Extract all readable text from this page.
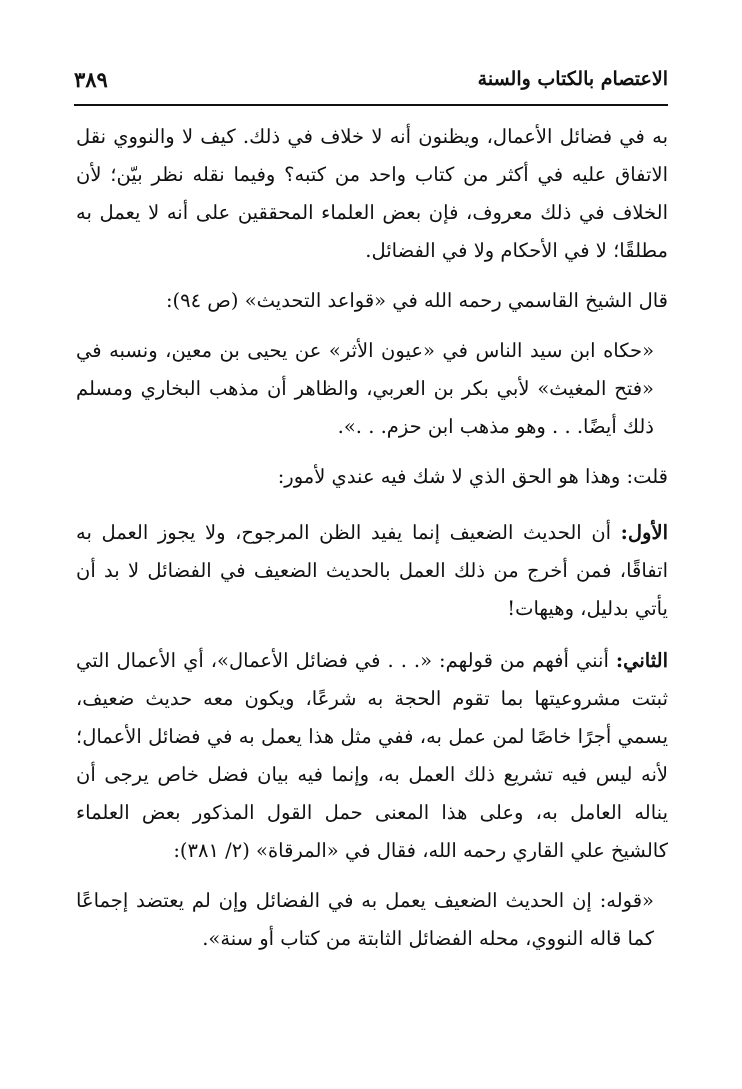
الاعتصام بالكتاب والسنة
٣٨٩

به في فضائل الأعمال، ويظنون أنه لا خلاف في ذلك. كيف لا والنووي نقل الاتفاق عليه في أكثر من كتاب واحد من كتبه؟ وفيما نقله نظر بيّن؛ لأن الخلاف في ذلك معروف، فإن بعض العلماء المحققين على أنه لا يعمل به مطلقًا؛ لا في الأحكام ولا في الفضائل.

قال الشيخ القاسمي رحمه الله في «قواعد التحديث» (ص ٩٤):

«حكاه ابن سيد الناس في «عيون الأثر» عن يحيى بن معين، ونسبه في «فتح المغيث» لأبي بكر بن العربي، والظاهر أن مذهب البخاري ومسلم ذلك أيضًا. . . وهو مذهب ابن حزم. . .».

قلت: وهذا هو الحق الذي لا شك فيه عندي لأمور:

الأول: أن الحديث الضعيف إنما يفيد الظن المرجوح، ولا يجوز العمل به اتفاقًا، فمن أخرج من ذلك العمل بالحديث الضعيف في الفضائل لا بد أن يأتي بدليل، وهيهات!

الثاني: أنني أفهم من قولهم: «. . . في فضائل الأعمال»، أي الأعمال التي ثبتت مشروعيتها بما تقوم الحجة به شرعًا، ويكون معه حديث ضعيف، يسمي أجرًا خاصًا لمن عمل به، ففي مثل هذا يعمل به في فضائل الأعمال؛ لأنه ليس فيه تشريع ذلك العمل به، وإنما فيه بيان فضل خاص يرجى أن يناله العامل به، وعلى هذا المعنى حمل القول المذكور بعض العلماء كالشيخ علي القاري رحمه الله، فقال في «المرقاة» (٢/ ٣٨١):

«قوله: إن الحديث الضعيف يعمل به في الفضائل وإن لم يعتضد إجماعًا كما قاله النووي، محله الفضائل الثابتة من كتاب أو سنة».
